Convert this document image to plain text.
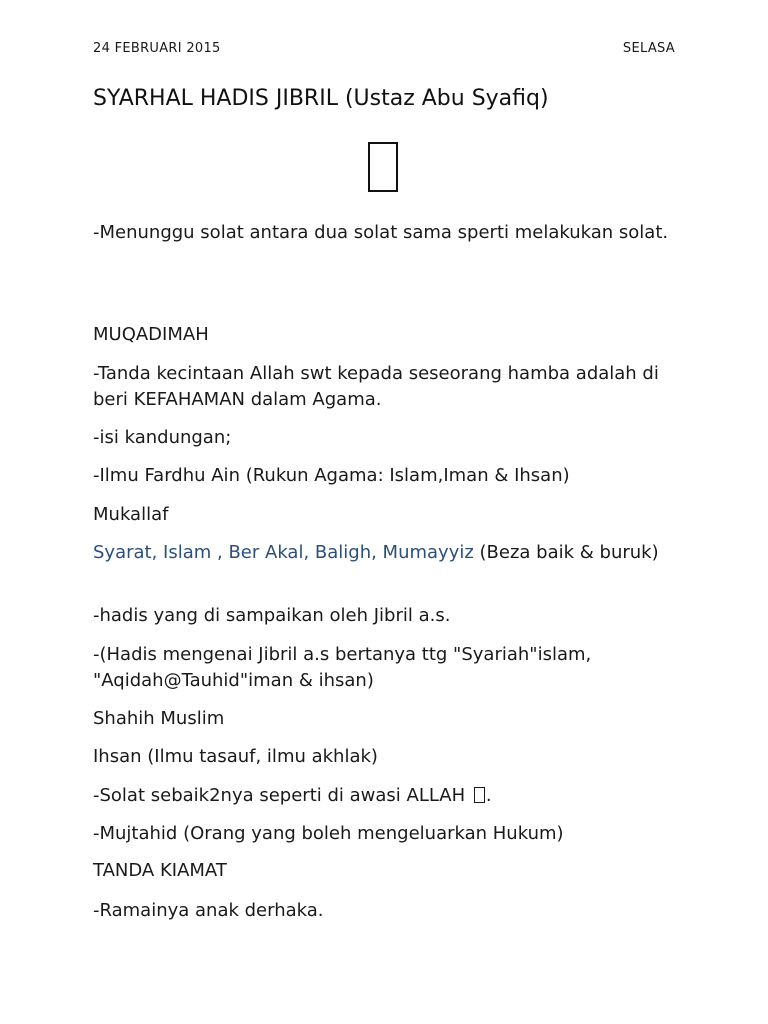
24 FEBRUARI 2015	SELASA
SYARHAL HADIS JIBRIL (Ustaz Abu Syafiq)
-Menunggu solat antara dua solat sama sperti melakukan solat.
MUQADIMAH
-Tanda kecintaan Allah swt kepada seseorang hamba adalah di beri KEFAHAMAN dalam Agama.
-isi kandungan;
-Ilmu Fardhu Ain (Rukun Agama: Islam,Iman & Ihsan)
Mukallaf
Syarat, Islam , Ber Akal, Baligh, Mumayyiz (Beza baik & buruk)
-hadis yang di sampaikan oleh Jibril a.s.
-(Hadis mengenai Jibril a.s bertanya ttg "Syariah"islam, "Aqidah@Tauhid"iman & ihsan)
Shahih Muslim
Ihsan (Ilmu tasauf, ilmu akhlak)
-Solat sebaik2nya seperti di awasi ALLAH .
-Mujtahid (Orang yang boleh mengeluarkan Hukum)
TANDA KIAMAT
-Ramainya anak derhaka.
